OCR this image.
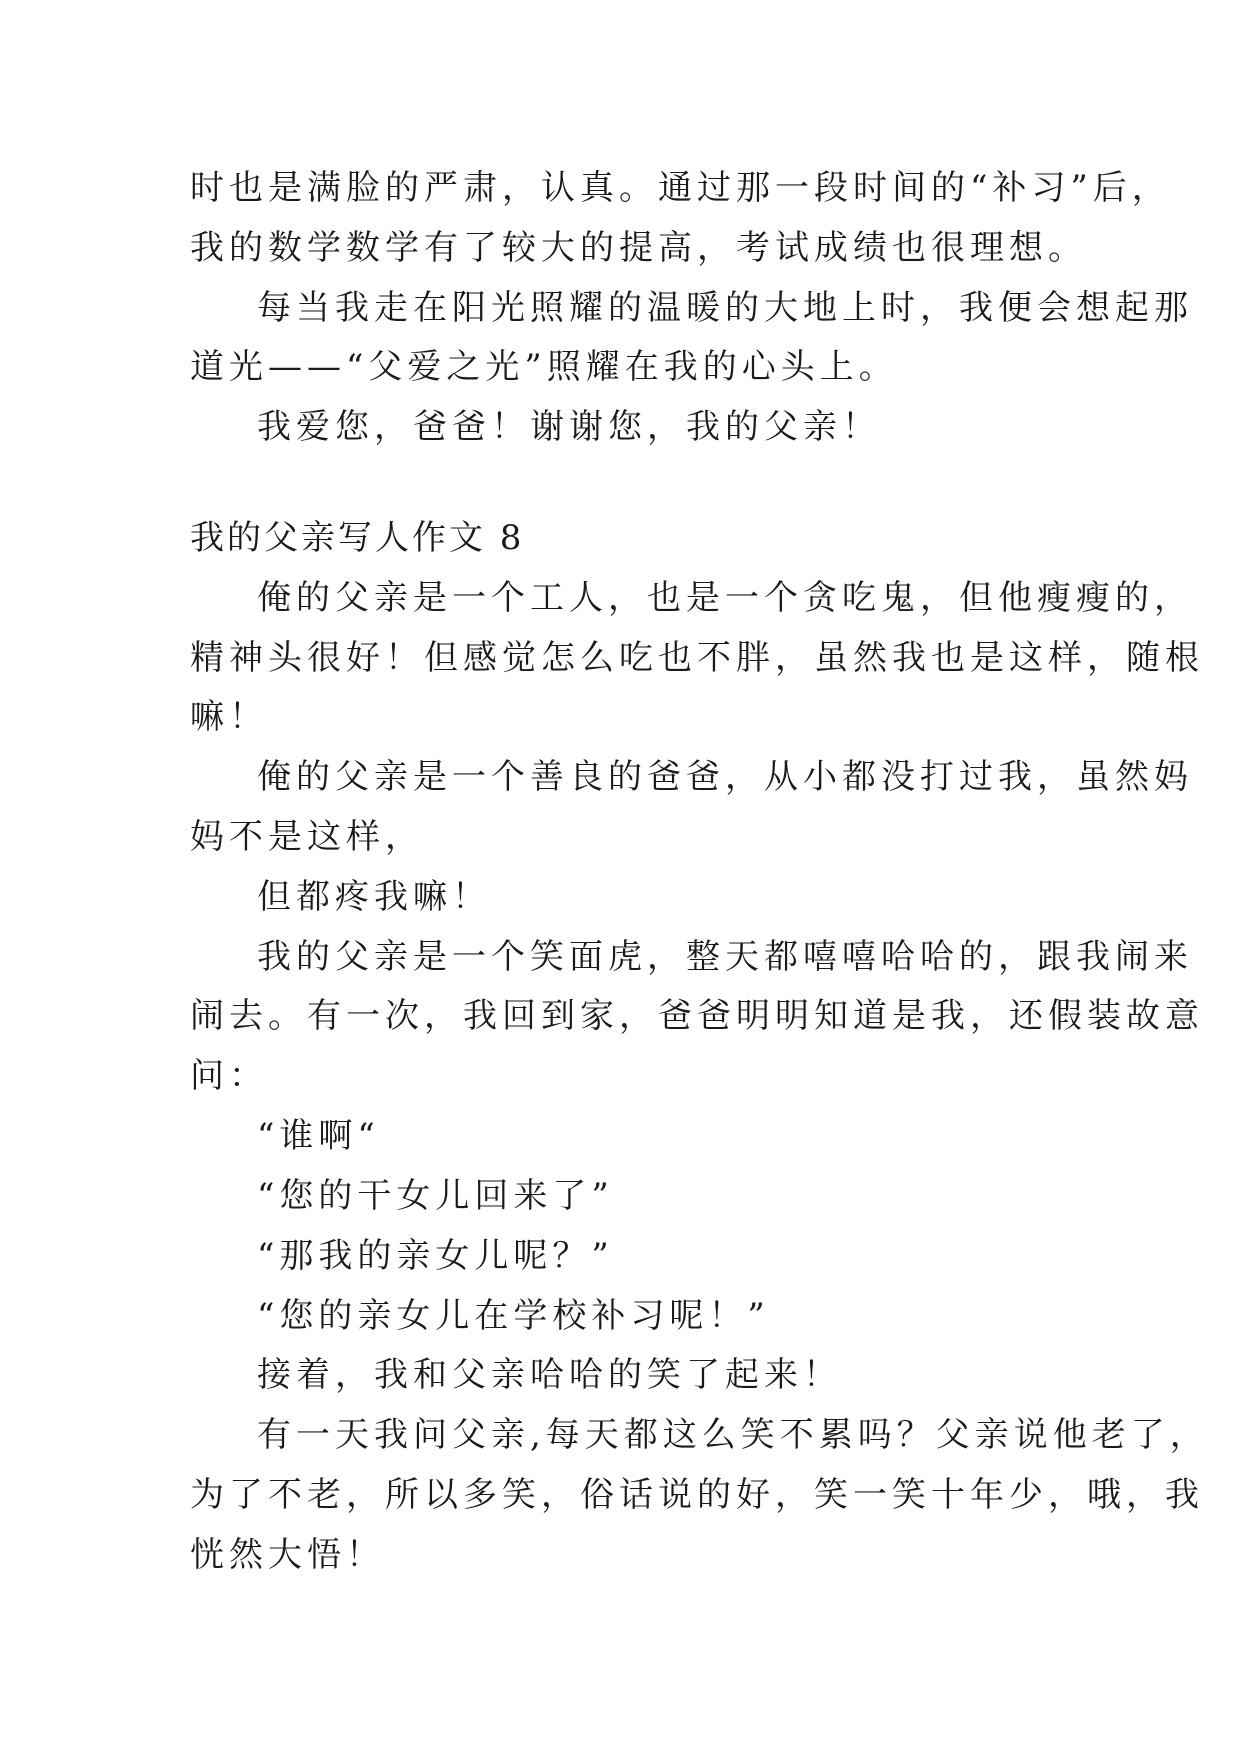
时也是满脸的严肃，认真。通过那一段时间的“补习”后，

我的数学数学有了较大的提高，考试成绩也很理想。

每当我走在阳光照耀的温暖的大地上时，我便会想起那

道光——“父爱之光”照耀在我的心头上。

我爱您，爸爸！谢谢您，我的父亲！

我的父亲写人作文 8

俺的父亲是一个工人，也是一个贪吃鬼，但他瘦瘦的，

精神头很好！但感觉怎么吃也不胖，虽然我也是这样，随根

嘛！

俺的父亲是一个善良的爸爸，从小都没打过我，虽然妈

妈不是这样，

但都疼我嘛！

我的父亲是一个笑面虎，整天都嘻嘻哈哈的，跟我闹来

闹去。有一次，我回到家，爸爸明明知道是我，还假装故意

问：

“谁啊“

“您的干女儿回来了”

“那我的亲女儿呢？”

“您的亲女儿在学校补习呢！”

接着，我和父亲哈哈的笑了起来！

有一天我问父亲,每天都这么笑不累吗？父亲说他老了，

为了不老，所以多笑，俗话说的好，笑一笑十年少，哦，我

恍然大悟！
